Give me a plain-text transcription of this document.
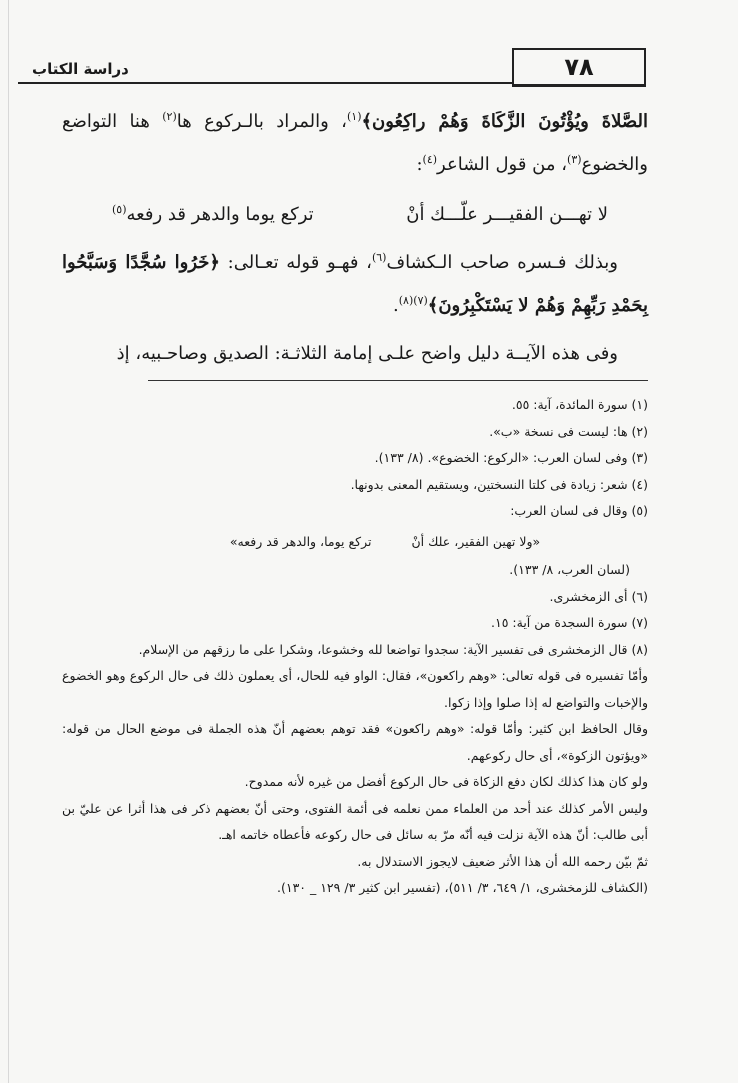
٧٨
دراسة الكتاب

الصَّلاةَ ويُؤْتُونَ الزَّكَاةَ وَهُمْ راكِعُون﴾$^{(١)}$، والمراد بالـركوع ها$^{(٢)}$ هنا التواضع والخضوع$^{(٣)}$، من قول الشاعر$^{(٤)}$:

لا تهـــن الفقيـــر علّـــك أنْ
تركع يوما والدهر قد رفعه$^{(٥)}$

وبذلك فـسره صاحب الـكشاف$^{(٦)}$، فهـو قوله تعـالى: ﴿خَرُوا سُجَّدًا وَسَبَّحُوا بِحَمْدِ رَبِّهِمْ وَهُمْ لا يَسْتَكْبِرُونَ﴾$^{(٧)(٨)}$.

وفى هذه الآيــة دليل واضح علـى إمامة الثلاثـة: الصديق وصاحـبيه، إذ

(١) سورة المائدة، آية: ٥٥.

(٢) ها: ليست فى نسخة «ب».

(٣) وفى لسان العرب: «الركوع: الخضوع». (٨/ ١٣٣).

(٤) شعر: زيادة فى كلتا النسختين، ويستقيم المعنى بدونها.

(٥) وقال فى لسان العرب:

«ولا تهين الفقير، علك أنْ
تركع يوما، والدهر قد رفعه»

(لسان العرب، ٨/ ١٣٣).

(٦) أى الزمخشرى.

(٧) سورة السجدة من آية: ١٥.

(٨) قال الزمخشرى فى تفسير الآية: سجدوا تواضعا لله وخشوعا، وشكرا على ما رزقهم من الإسلام.

وأمّا تفسيره فى قوله تعالى: «وهم راكعون»، فقال: الواو فيه للحال، أى يعملون ذلك فى حال الركوع وهو الخضوع والإخبات والتواضع له إذا صلوا وإذا زكوا.

وقال الحافظ ابن كثير: وأمّا قوله: «وهم راكعون» فقد توهم بعضهم أنّ هذه الجملة فى موضع الحال من قوله: «ويؤتون الزكوة»، أى حال ركوعهم.

ولو كان هذا كذلك لكان دفع الزكاة فى حال الركوع أفضل من غيره لأنه ممدوح.

وليس الأمر كذلك عند أحد من العلماء ممن نعلمه فى أئمة الفتوى، وحتى أنّ بعضهم ذكر فى هذا أثرا عن عليّ بن أبى طالب: أنّ هذه الآية نزلت فيه أنّه مرّ به سائل فى حال ركوعه فأعطاه خاتمه اهـ.

ثمّ بيّن رحمه الله أن هذا الأثر ضعيف لايجوز الاستدلال به.

(الكشاف للزمخشرى، ١/ ٦٤٩، ٣/ ٥١١)، (تفسير ابن كثير ٣/ ١٢٩ _ ١٣٠).
